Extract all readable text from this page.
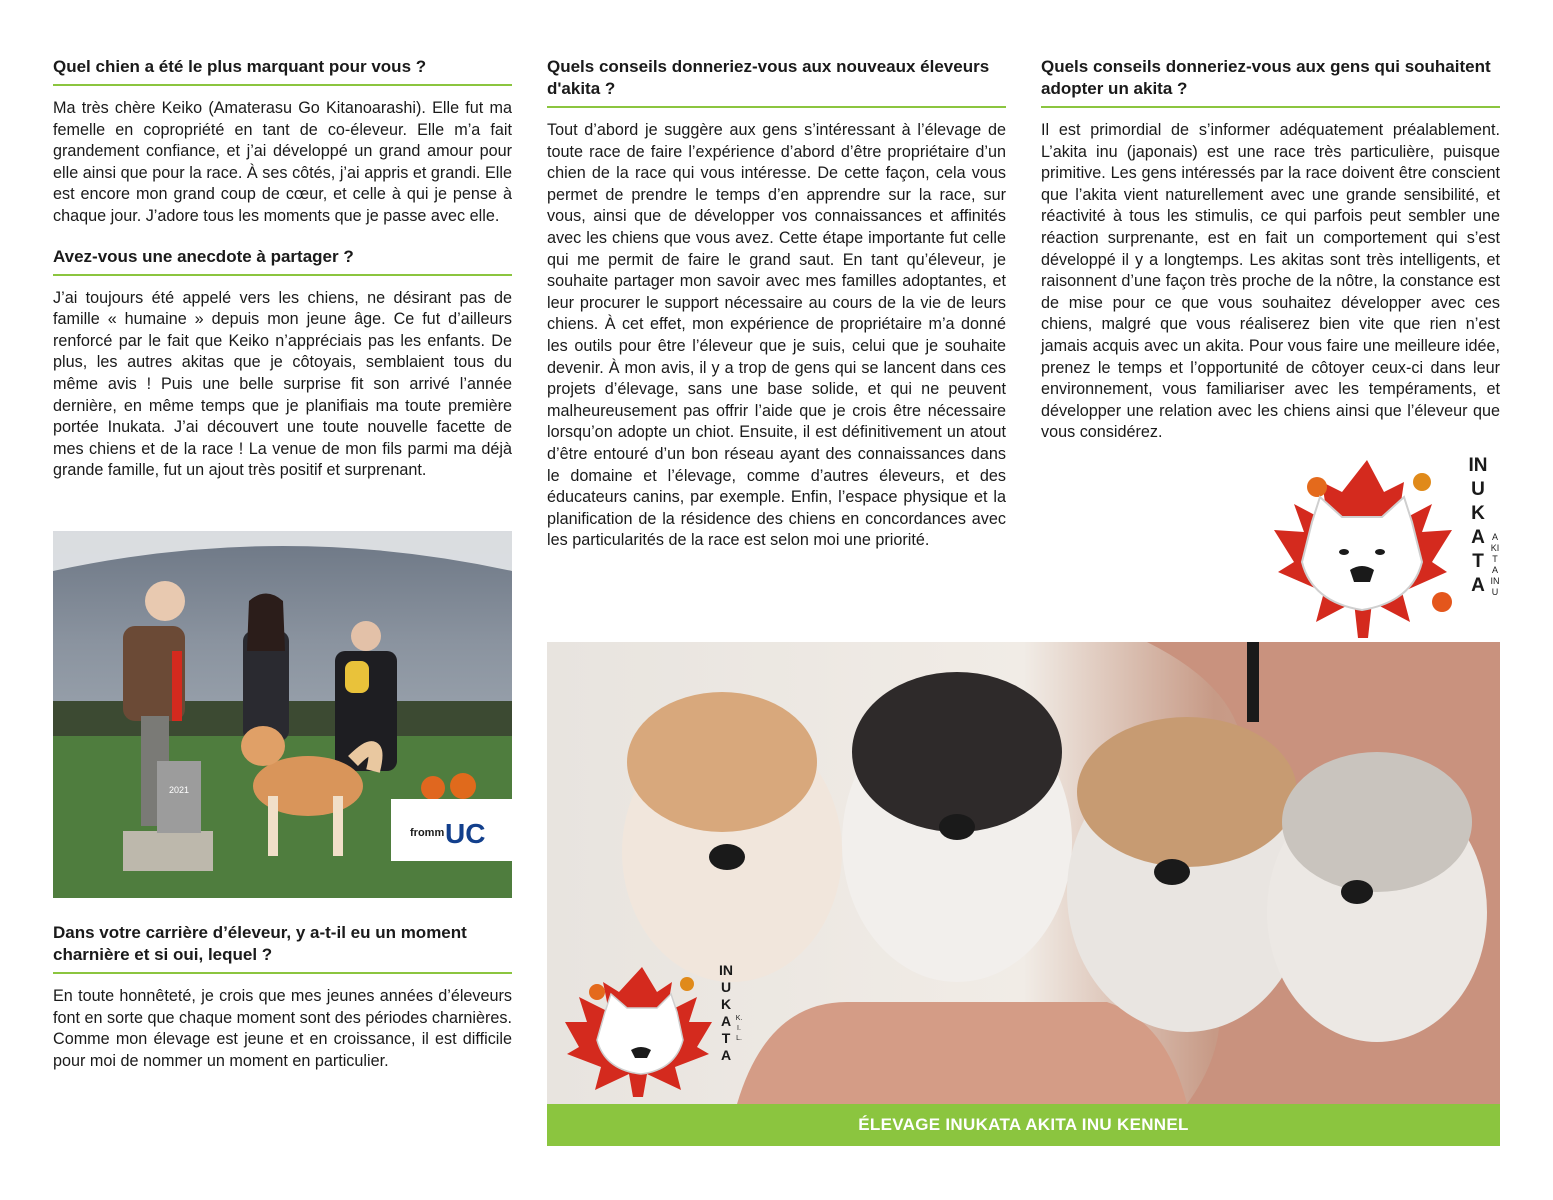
Quel chien a été le plus marquant pour vous ?

Ma très chère Keiko (Amaterasu Go Kitanoarashi). Elle fut ma femelle en copropriété en tant de co-éleveur. Elle m’a fait grandement confiance, et j’ai développé un grand amour pour elle ainsi que pour la race. À ses côtés, j’ai appris et grandi. Elle est encore mon grand coup de cœur, et celle à qui je pense à chaque jour. J’adore tous les moments que je passe avec elle.

Avez-vous une anecdote à partager ?

J’ai toujours été appelé vers les chiens, ne désirant pas de famille « humaine » depuis mon jeune âge. Ce fut d’ailleurs renforcé par le fait que Keiko n’appréciais pas les enfants. De plus, les autres akitas que je côtoyais, semblaient tous du même avis ! Puis une belle surprise fit son arrivé l’année dernière, en même temps que je planifiais ma toute première portée Inukata. J’ai découvert une toute nouvelle facette de mes chiens et de la race ! La venue de mon fils parmi ma déjà grande famille, fut un ajout très positif et surprenant.

2021
fromm UC
Dans votre carrière d’éleveur, y a-t-il eu un moment charnière et si oui, lequel ?

En toute honnêteté, je crois que mes jeunes années d’éleveurs font en sorte que chaque moment sont des périodes charnières. Comme mon élevage est jeune et en croissance, il est difficile pour moi de nommer un moment en particulier.

Quels conseils donneriez-vous aux nouveaux éleveurs d'akita ?

Tout d’abord je suggère aux gens s’intéressant à l’élevage de toute race de faire l’expérience d’abord d’être propriétaire d’un chien de la race qui vous intéresse. De cette façon, cela vous permet de prendre le temps d’en apprendre sur la race, sur vous, ainsi que de développer vos connaissances et affinités avec les chiens que vous avez. Cette étape importante fut celle qui me permit de faire le grand saut. En tant qu’éleveur, je souhaite partager mon savoir avec mes familles adoptantes, et leur procurer le support nécessaire au cours de la vie de leurs chiens. À cet effet, mon expérience de propriétaire m’a donné les outils pour être l’éleveur que je suis, celui que je souhaite devenir. À mon avis, il y a trop de gens qui se lancent dans ces projets d’élevage, sans une base solide, et qui ne peuvent malheureusement pas offrir l’aide que je crois être nécessaire lorsqu’on adopte un chiot. Ensuite, il est définitivement un atout d’être entouré d’un bon réseau ayant des connaissances dans le domaine et l’élevage, comme d’autres éleveurs, et des éducateurs canins, par exemple. Enfin, l’espace physique et la planification de la résidence des chiens en concordances avec les particularités de la race est selon moi une priorité.

Quels conseils donneriez-vous aux gens qui souhaitent adopter un akita ?

Il est primordial de s’informer adéquatement préalablement. L’akita inu (japonais) est une race très particulière, puisque primitive. Les gens intéressés par la race doivent être conscient que l’akita vient naturellement avec une grande sensibilité, et réactivité à tous les stimulis, ce qui parfois peut sembler une réaction surprenante, est en fait un comportement qui s’est développé il y a longtemps. Les akitas sont très intelligents, et raisonnent d’une façon très proche de la nôtre, la constance est de mise pour ce que vous souhaitez développer avec ces chiens, malgré que vous réaliserez bien vite que rien n’est jamais acquis avec un akita. Pour vous faire une meilleure idée, prenez le temps et l’opportunité de côtoyer ceux-ci dans leur environnement, vous familiariser avec les tempéraments, et développer une relation avec les chiens ainsi que l’éleveur que vous considérez.

INUKATA
AKITA INU
INUKATA
K.I.L.
ÉLEVAGE INUKATA AKITA INU KENNEL
